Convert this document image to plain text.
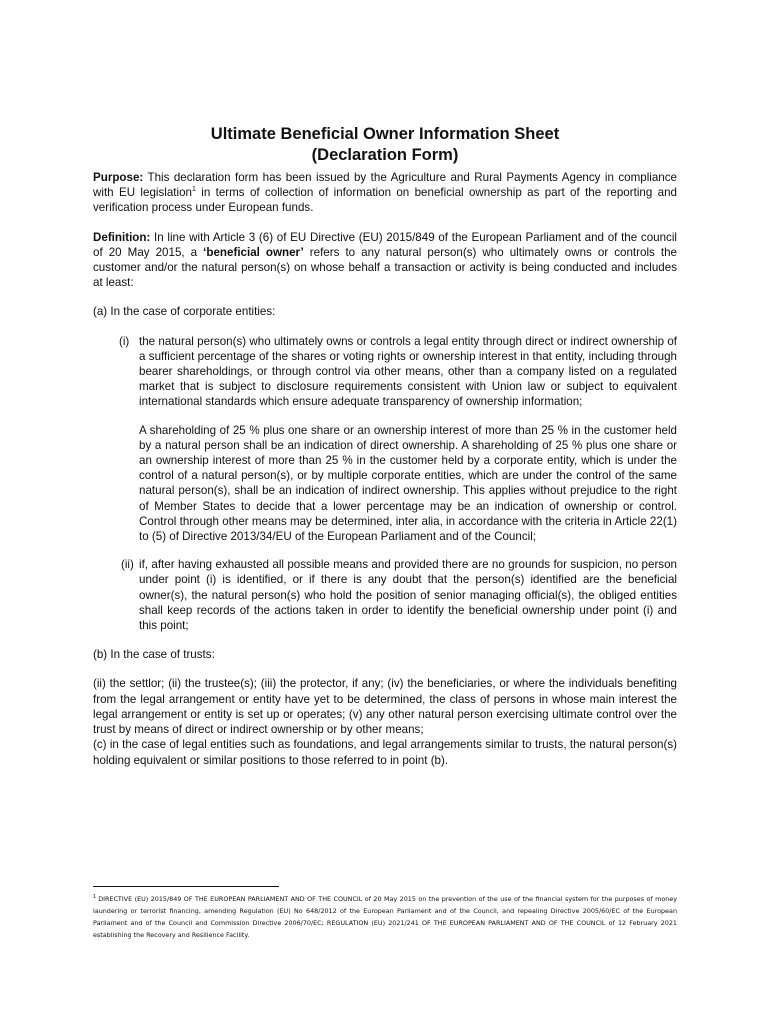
Ultimate Beneficial Owner Information Sheet
(Declaration Form)

Purpose: This declaration form has been issued by the Agriculture and Rural Payments Agency in compliance with EU legislation$^1$ in terms of collection of information on beneficial ownership as part of the reporting and verification process under European funds.

Definition: In line with Article 3 (6) of EU Directive (EU) 2015/849 of the European Parliament and of the council of 20 May 2015, a ‘beneficial owner’ refers to any natural person(s) who ultimately owns or controls the customer and/or the natural person(s) on whose behalf a transaction or activity is being conducted and includes at least:

(a) In the case of corporate entities:

(i) the natural person(s) who ultimately owns or controls a legal entity through direct or indirect ownership of a sufficient percentage of the shares or voting rights or ownership interest in that entity, including through bearer shareholdings, or through control via other means, other than a company listed on a regulated market that is subject to disclosure requirements consistent with Union law or subject to equivalent international standards which ensure adequate transparency of ownership information;

A shareholding of 25 % plus one share or an ownership interest of more than 25 % in the customer held by a natural person shall be an indication of direct ownership. A shareholding of 25 % plus one share or an ownership interest of more than 25 % in the customer held by a corporate entity, which is under the control of a natural person(s), or by multiple corporate entities, which are under the control of the same natural person(s), shall be an indication of indirect ownership. This applies without prejudice to the right of Member States to decide that a lower percentage may be an indication of ownership or control. Control through other means may be determined, inter alia, in accordance with the criteria in Article 22(1) to (5) of Directive 2013/34/EU of the European Parliament and of the Council;

(ii) if, after having exhausted all possible means and provided there are no grounds for suspicion, no person under point (i) is identified, or if there is any doubt that the person(s) identified are the beneficial owner(s), the natural person(s) who hold the position of senior managing official(s), the obliged entities shall keep records of the actions taken in order to identify the beneficial ownership under point (i) and this point;

(b) In the case of trusts:

(ii) the settlor; (ii) the trustee(s); (iii) the protector, if any; (iv) the beneficiaries, or where the individuals benefiting from the legal arrangement or entity have yet to be determined, the class of persons in whose main interest the legal arrangement or entity is set up or operates; (v) any other natural person exercising ultimate control over the trust by means of direct or indirect ownership or by other means;

(c) in the case of legal entities such as foundations, and legal arrangements similar to trusts, the natural person(s) holding equivalent or similar positions to those referred to in point (b).

$^1$ DIRECTIVE (EU) 2015/849 OF THE EUROPEAN PARLIAMENT AND OF THE COUNCIL of 20 May 2015 on the prevention of the use of the financial system for the purposes of money laundering or terrorist financing, amending Regulation (EU) No 648/2012 of the European Parliament and of the Council, and repealing Directive 2005/60/EC of the European Parliament and of the Council and Commission Directive 2006/70/EC; REGULATION (EU) 2021/241 OF THE EUROPEAN PARLIAMENT AND OF THE COUNCIL of 12 February 2021 establishing the Recovery and Resilience Facility.
